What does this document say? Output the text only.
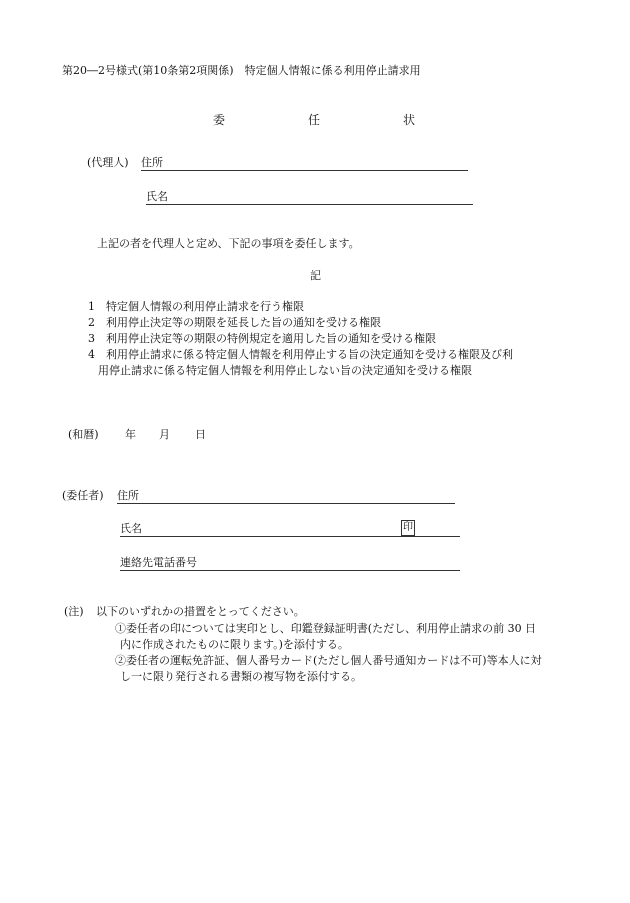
第20―2号様式(第10条第2項関係)　特定個人情報に係る利用停止請求用
委	任	状
(代理人) 住所
氏名
上記の者を代理人と定め、下記の事項を委任します。
記
1　特定個人情報の利用停止請求を行う権限
2　利用停止決定等の期限を延長した旨の通知を受ける権限
3　利用停止決定等の期限の特例規定を適用した旨の通知を受ける権限
4　利用停止請求に係る特定個人情報を利用停止する旨の決定通知を受ける権限及び利
用停止請求に係る特定個人情報を利用停止しない旨の決定通知を受ける権限
(和暦) 年 月 日
(委任者) 住所
氏名	印
連絡先電話番号
(注) 以下のいずれかの措置をとってください。
①委任者の印については実印とし、印鑑登録証明書(ただし、利用停止請求の前 30 日
内に作成されたものに限ります。)を添付する。
②委任者の運転免許証、個人番号カード(ただし個人番号通知カードは不可)等本人に対
し一に限り発行される書類の複写物を添付する。
